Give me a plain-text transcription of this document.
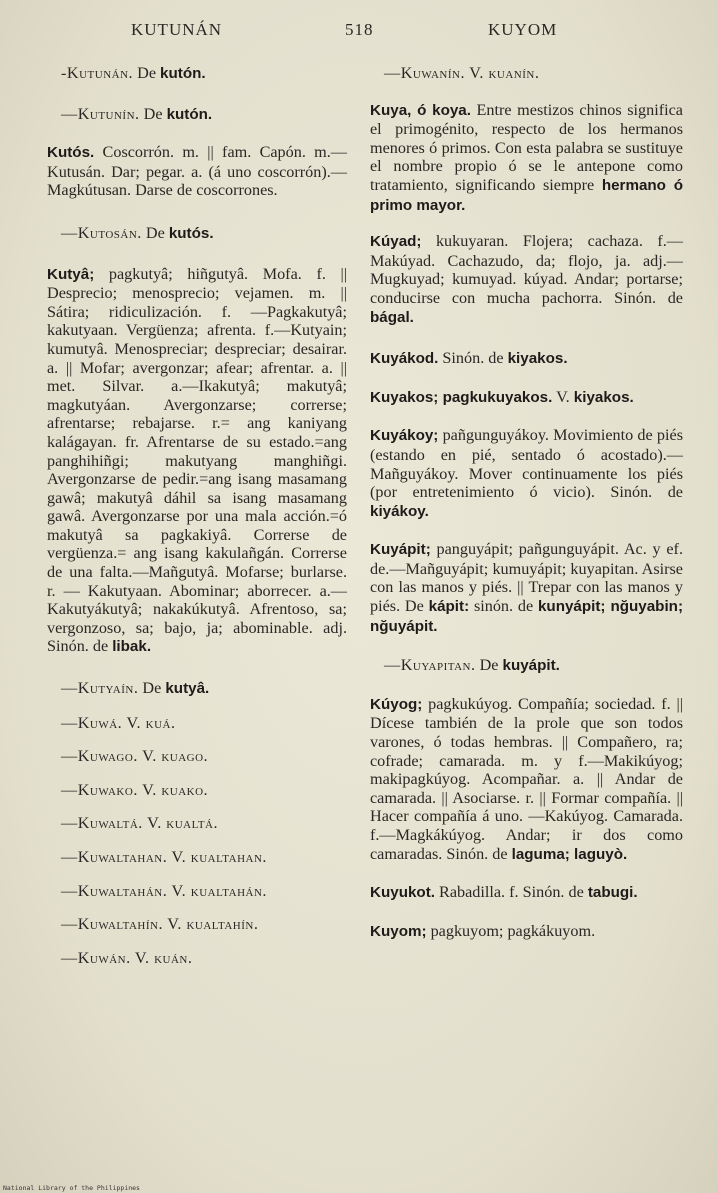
KUTUNÁN	518	KUYOM

-Kutunán. De kutón.

—Kutunín. De kutón.

Kutós. Coscorrón. m. || fam. Capón. m.—Kutusán. Dar; pegar. a. (á uno coscorrón).—Magkútusan. Darse de coscorrones.

—Kutosán. De kutós.

Kutyâ; pagkutyâ; hiñgutyâ. Mofa. f. || Desprecio; menosprecio; vejamen. m. || Sátira; ridiculización. f. —Pagkakutyâ; kakutyaan. Vergüenza; afrenta. f.—Kutyain; kumutyâ. Menospreciar; despreciar; desairar. a. || Mofar; avergonzar; afear; afrentar. a. || met. Silvar. a.—Ikakutyâ; makutyâ; magkutyáan. Avergonzarse; correrse; afrentarse; rebajarse. r.= ang kaniyang kalágayan. fr. Afrentarse de su estado.=ang panghihiñgi; makutyang manghiñgi. Avergonzarse de pedir.=ang isang masamang gawâ; makutyâ dáhil sa isang masamang gawâ. Avergonzarse por una mala acción.=ó makutyâ sa pagkakiyâ. Correrse de vergüenza.= ang isang kakulañgán. Correrse de una falta.—Mañgutyâ. Mofarse; burlarse. r. — Kakutyaan. Abominar; aborrecer. a.—Kakutyákutyâ; nakakúkutyâ. Afrentoso, sa; vergonzoso, sa; bajo, ja; abominable. adj. Sinón. de libak.

—Kutyaín. De kutyâ.

—Kuwá. V. kuá.

—Kuwago. V. kuago.

—Kuwako. V. kuako.

—Kuwaltá. V. kualtá.

—Kuwaltahan. V. kualtahan.

—Kuwaltahán. V. kualtahán.

—Kuwaltahín. V. kualtahín.

—Kuwán. V. kuán.

—Kuwanín. V. kuanín.

Kuya, ó koya. Entre mestizos chinos significa el primogénito, respecto de los hermanos menores ó primos. Con esta palabra se sustituye el nombre propio ó se le antepone como tratamiento, significando siempre hermano ó primo mayor.

Kúyad; kukuyaran. Flojera; cachaza. f.—Makúyad. Cachazudo, da; flojo, ja. adj.—Mugkuyad; kumuyad. kúyad. Andar; portarse; conducirse con mucha pachorra. Sinón. de bágal.

Kuyákod. Sinón. de kiyakos.

Kuyakos; pagkukuyakos. V. kiyakos.

Kuyákoy; pañgunguyákoy. Movimiento de piés (estando en pié, sentado ó acostado).—Mañguyákoy. Mover continuamente los piés (por entretenimiento ó vicio). Sinón. de kiyákoy.

Kuyápit; panguyápit; pañgunguyápit. Ac. y ef. de.—Mañguyápit; kumuyápit; kuyapitan. Asirse con las manos y piés. || Trepar con las manos y piés. De kápit: sinón. de kunyápit; nğuyabin; nğuyápit.

—Kuyapitan. De kuyápit.

Kúyog; pagkukúyog. Compañía; sociedad. f. || Dícese también de la prole que son todos varones, ó todas hembras. || Compañero, ra; cofrade; camarada. m. y f.—Makikúyog; makipagkúyog. Acompañar. a. || Andar de camarada. || Asociarse. r. || Formar compañía. || Hacer compañía á uno. —Kakúyog. Camarada. f.—Magkákúyog. Andar; ir dos como camaradas. Sinón. de laguma; laguyò.

Kuyukot. Rabadilla. f. Sinón. de tabugi.

Kuyom; pagkuyom; pagkákuyom.

National Library of the Philippines
